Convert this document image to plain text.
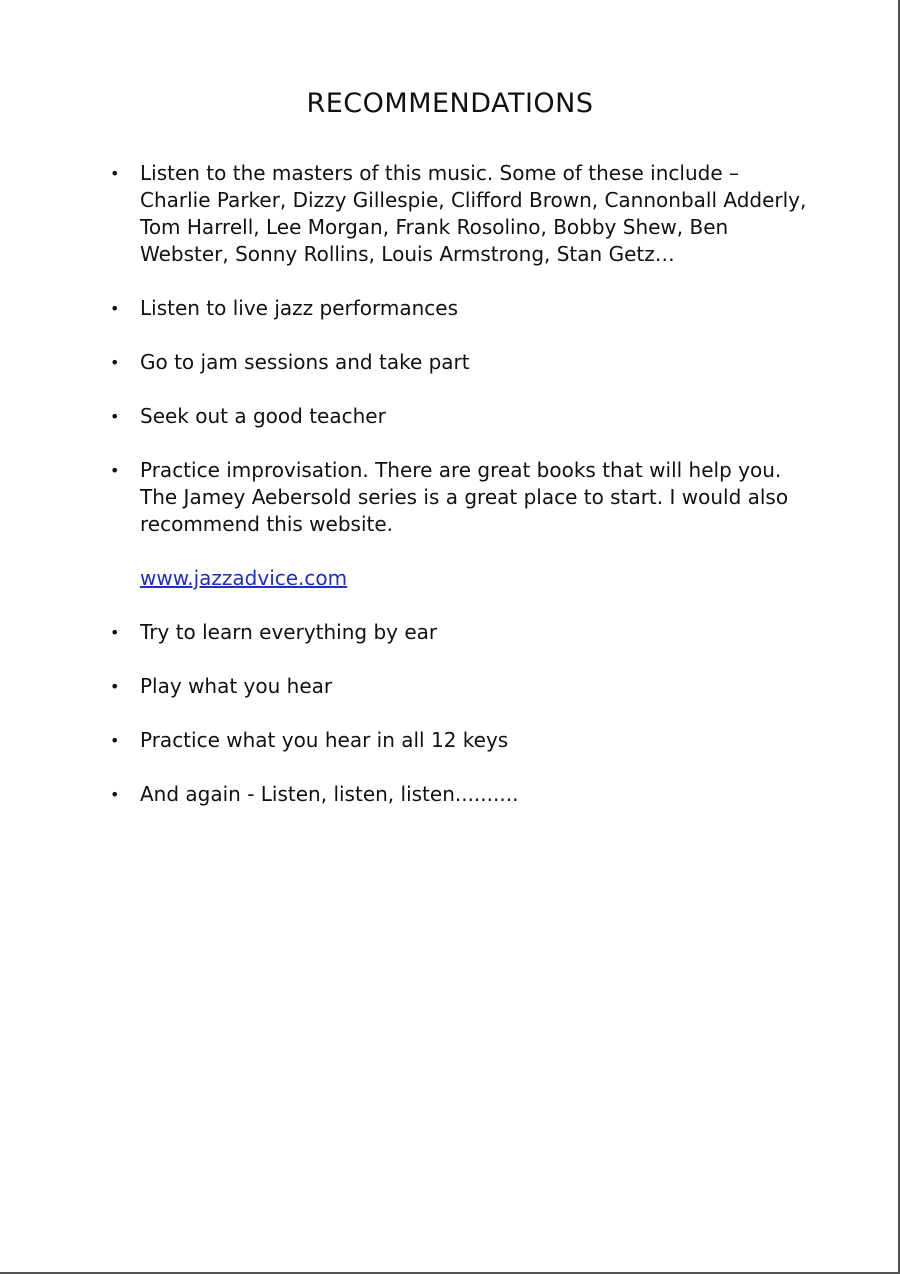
RECOMMENDATIONS
• Listen to the masters of this music. Some of these include – Charlie Parker, Dizzy Gillespie, Clifford Brown, Cannonball Adderly, Tom Harrell, Lee Morgan, Frank Rosolino, Bobby Shew, Ben Webster, Sonny Rollins, Louis Armstrong, Stan Getz…
• Listen to live jazz performances
• Go to jam sessions and take part
• Seek out a good teacher
• Practice improvisation. There are great books that will help you. The Jamey Aebersold series is a great place to start. I would also recommend this website.
www.jazzadvice.com
• Try to learn everything by ear
• Play what you hear
• Practice what you hear in all 12 keys
• And again - Listen, listen, listen..........
